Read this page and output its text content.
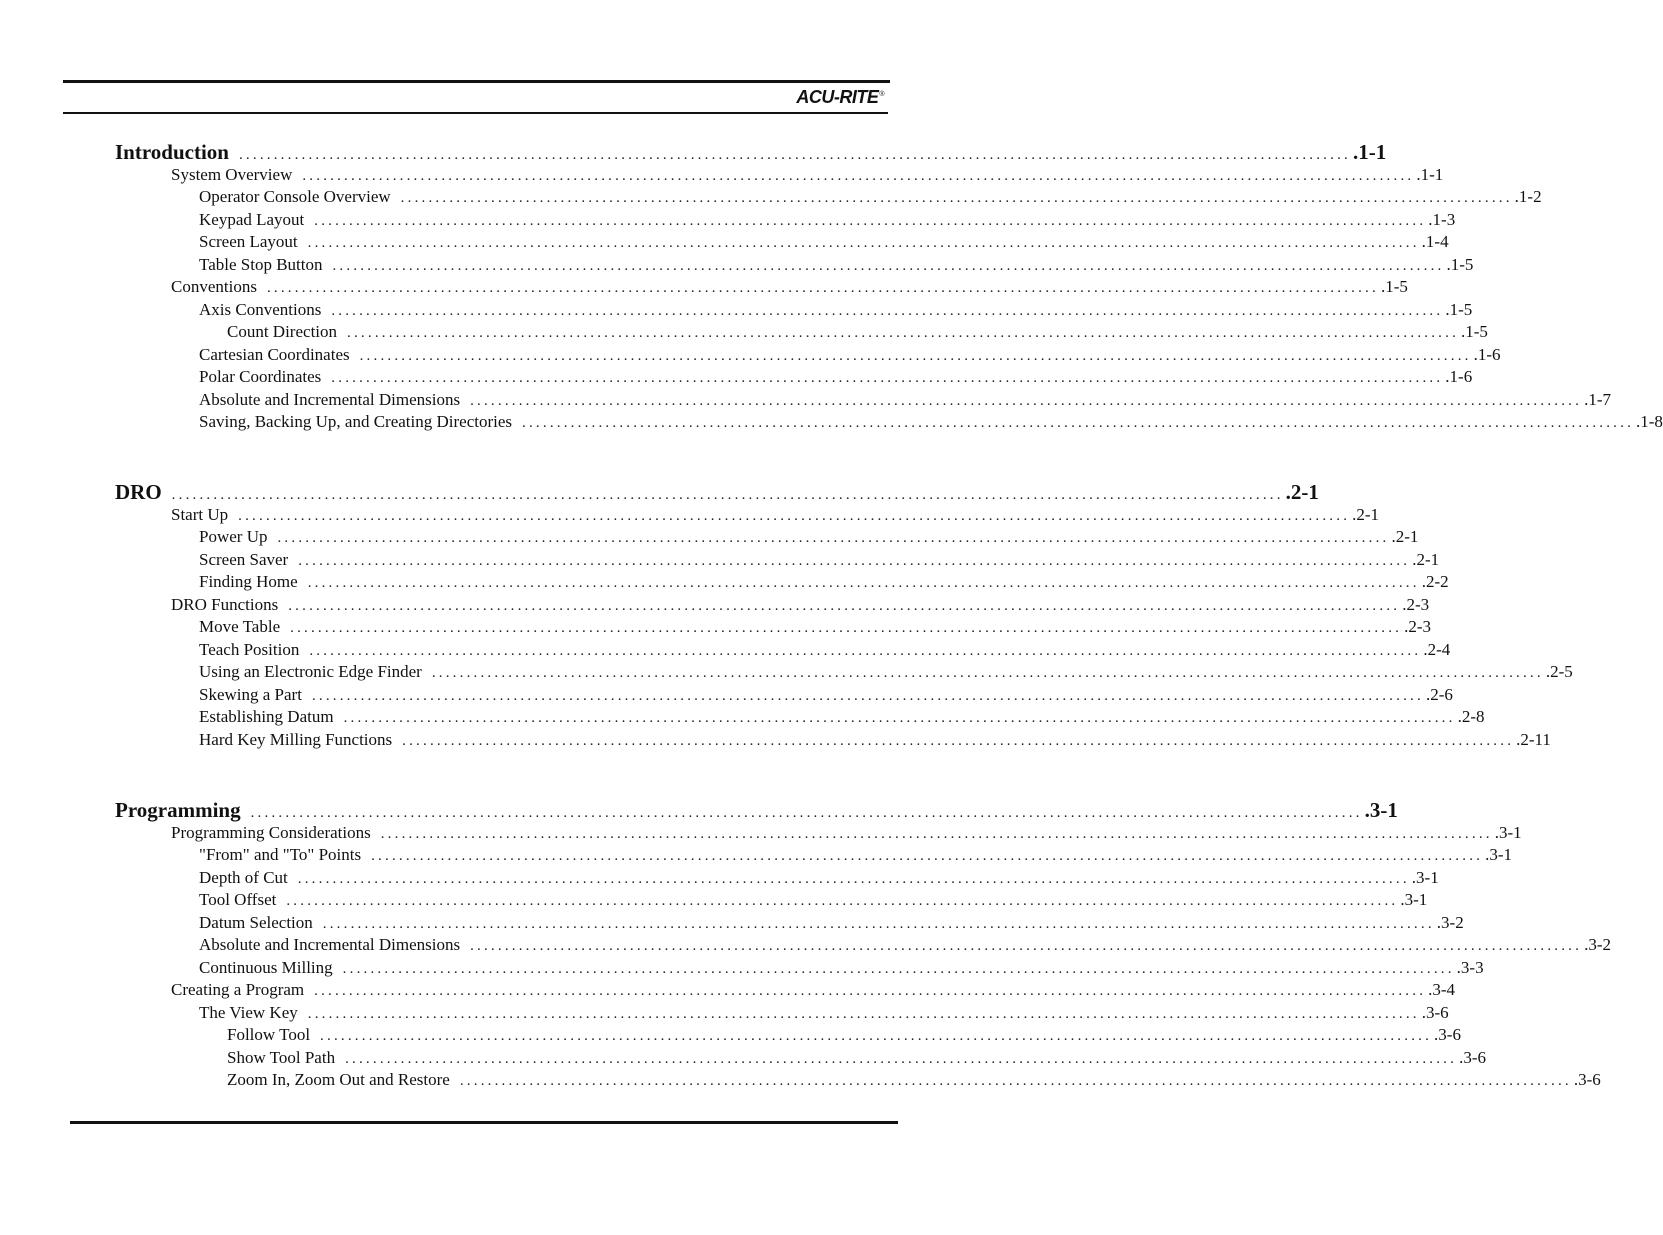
ACU-RITE®
Introduction ................................................................................................................................................................ .1-1
System Overview ................................................................................................................................................................ .1-1
Operator Console Overview ................................................................................................................................................................ .1-2
Keypad Layout ................................................................................................................................................................ .1-3
Screen Layout ................................................................................................................................................................ .1-4
Table Stop Button ................................................................................................................................................................ .1-5
Conventions ................................................................................................................................................................ .1-5
Axis Conventions ................................................................................................................................................................ .1-5
Count Direction ................................................................................................................................................................ .1-5
Cartesian Coordinates ................................................................................................................................................................ .1-6
Polar Coordinates ................................................................................................................................................................ .1-6
Absolute and Incremental Dimensions ................................................................................................................................................................ .1-7
Saving, Backing Up, and Creating Directories ................................................................................................................................................................ .1-8
DRO ................................................................................................................................................................ .2-1
Start Up ................................................................................................................................................................ .2-1
Power Up ................................................................................................................................................................ .2-1
Screen Saver ................................................................................................................................................................ .2-1
Finding Home ................................................................................................................................................................ .2-2
DRO Functions ................................................................................................................................................................ .2-3
Move Table ................................................................................................................................................................ .2-3
Teach Position ................................................................................................................................................................ .2-4
Using an Electronic Edge Finder ................................................................................................................................................................ .2-5
Skewing a Part ................................................................................................................................................................ .2-6
Establishing Datum ................................................................................................................................................................ .2-8
Hard Key Milling Functions ................................................................................................................................................................ .2-11
Programming ................................................................................................................................................................ .3-1
Programming Considerations ................................................................................................................................................................ .3-1
"From" and "To" Points ................................................................................................................................................................ .3-1
Depth of Cut ................................................................................................................................................................ .3-1
Tool Offset ................................................................................................................................................................ .3-1
Datum Selection ................................................................................................................................................................ .3-2
Absolute and Incremental Dimensions ................................................................................................................................................................ .3-2
Continuous Milling ................................................................................................................................................................ .3-3
Creating a Program ................................................................................................................................................................ .3-4
The View Key ................................................................................................................................................................ .3-6
Follow Tool ................................................................................................................................................................ .3-6
Show Tool Path ................................................................................................................................................................ .3-6
Zoom In, Zoom Out and Restore ................................................................................................................................................................ .3-6
